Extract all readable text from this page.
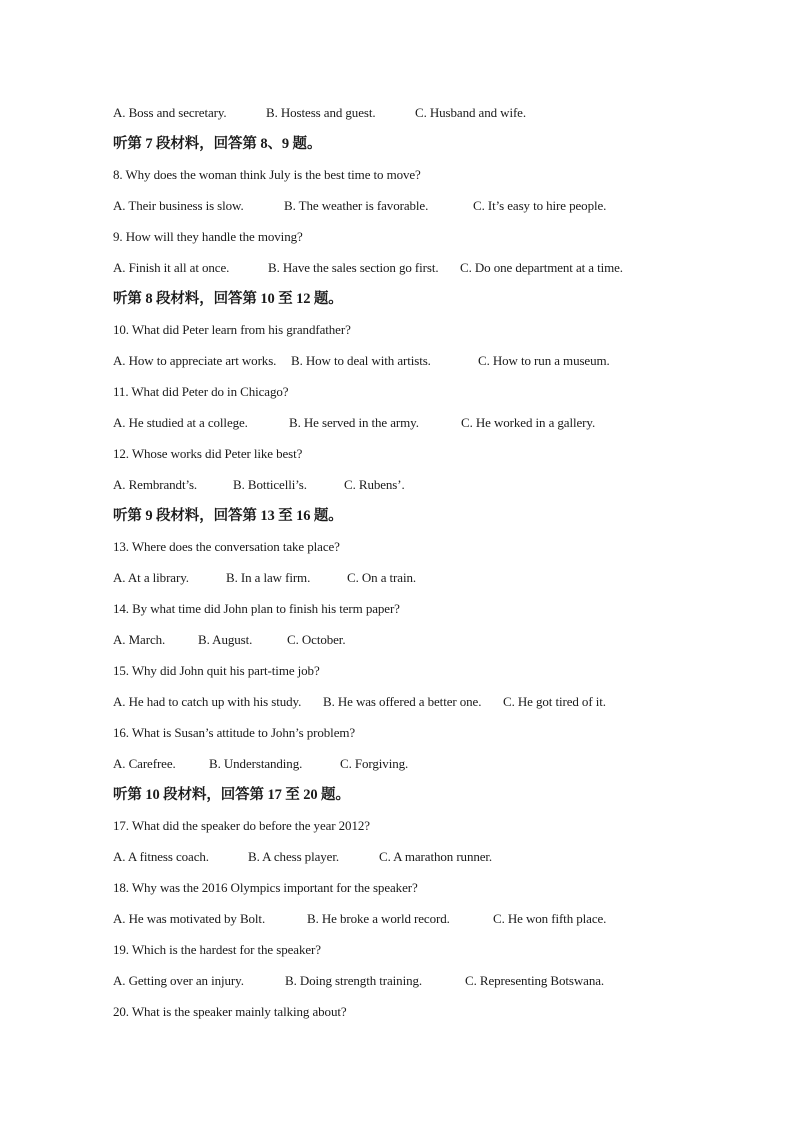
A. Boss and secretary.	B. Hostess and guest.	C. Husband and wife.
听第 7 段材料，回答第 8、9 题。
8. Why does the woman think July is the best time to move?
A. Their business is slow.	B. The weather is favorable.	C. It’s easy to hire people.
9. How will they handle the moving?
A. Finish it all at once.	B. Have the sales section go first. C. Do one department at a time.
听第 8 段材料，回答第 10 至 12 题。
10. What did Peter learn from his grandfather?
A. How to appreciate art works. B. How to deal with artists.	C. How to run a museum.
11. What did Peter do in Chicago?
A. He studied at a college.	B. He served in the army.	C. He worked in a gallery.
12. Whose works did Peter like best?
A. Rembrandt’s.	B. Botticelli’s.	C. Rubens’.
听第 9 段材料，回答第 13 至 16 题。
13. Where does the conversation take place?
A. At a library.	B. In a law firm.	C. On a train.
14. By what time did John plan to finish his term paper?
A. March.	B. August.	C. October.
15. Why did John quit his part-time job?
A. He had to catch up with his study. B. He was offered a better one. C. He got tired of it.
16. What is Susan’s attitude to John’s problem?
A. Carefree.	B. Understanding.	C. Forgiving.
听第 10 段材料，回答第 17 至 20 题。
17. What did the speaker do before the year 2012?
A. A fitness coach.	B. A chess player.	C. A marathon runner.
18. Why was the 2016 Olympics important for the speaker?
A. He was motivated by Bolt.	B. He broke a world record.	C. He won fifth place.
19. Which is the hardest for the speaker?
A. Getting over an injury.	B. Doing strength training.	C. Representing Botswana.
20. What is the speaker mainly talking about?
